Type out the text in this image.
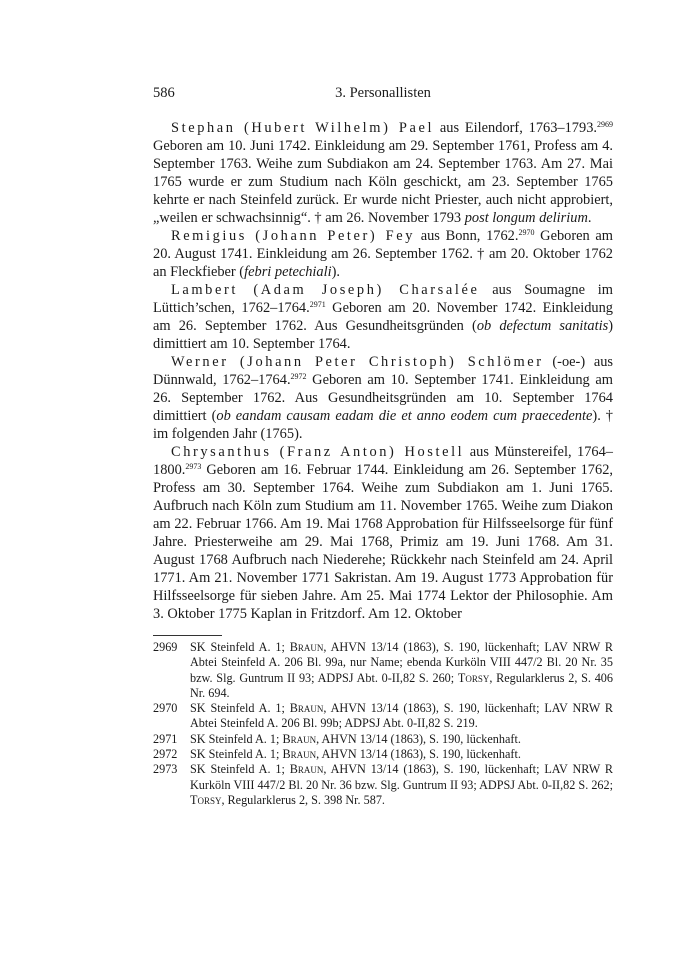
586	3. Personallisten

Stephan (Hubert Wilhelm) Pael aus Eilendorf, 1763–1793.$^{2969}$ Geboren am 10. Juni 1742. Einkleidung am 29. September 1761, Profess am 4. September 1763. Weihe zum Subdiakon am 24. September 1763. Am 27. Mai 1765 wurde er zum Studium nach Köln geschickt, am 23. September 1765 kehrte er nach Steinfeld zurück. Er wurde nicht Priester, auch nicht approbiert, „weilen er schwachsinnig“. † am 26. November 1793 post longum delirium.

Remigius (Johann Peter) Fey aus Bonn, 1762.$^{2970}$ Geboren am 20. August 1741. Einkleidung am 26. September 1762. † am 20. Oktober 1762 an Fleckfieber (febri petechiali).

Lambert (Adam Joseph) Charsalée aus Soumagne im Lüttich’schen, 1762–1764.$^{2971}$ Geboren am 20. November 1742. Einkleidung am 26. September 1762. Aus Gesundheitsgründen (ob defectum sanitatis) dimittiert am 10. September 1764.

Werner (Johann Peter Christoph) Schlömer (-oe-) aus Dünnwald, 1762–1764.$^{2972}$ Geboren am 10. September 1741. Einkleidung am 26. September 1762. Aus Gesundheitsgründen am 10. September 1764 dimittiert (ob eandam causam eadam die et anno eodem cum praecedente). † im folgenden Jahr (1765).

Chrysanthus (Franz Anton) Hostell aus Münstereifel, 1764–1800.$^{2973}$ Geboren am 16. Februar 1744. Einkleidung am 26. September 1762, Profess am 30. September 1764. Weihe zum Subdiakon am 1. Juni 1765. Aufbruch nach Köln zum Studium am 11. November 1765. Weihe zum Diakon am 22. Februar 1766. Am 19. Mai 1768 Approbation für Hilfsseelsorge für fünf Jahre. Priesterweihe am 29. Mai 1768, Primiz am 19. Juni 1768. Am 31. August 1768 Aufbruch nach Niederehe; Rückkehr nach Steinfeld am 24. April 1771. Am 21. November 1771 Sakristan. Am 19. August 1773 Approbation für Hilfsseelsorge für sieben Jahre. Am 25. Mai 1774 Lektor der Philosophie. Am 3. Oktober 1775 Kaplan in Fritzdorf. Am 12. Oktober

2969	SK Steinfeld A. 1; Braun, AHVN 13/14 (1863), S. 190, lückenhaft; LAV NRW R Abtei Steinfeld A. 206 Bl. 99a, nur Name; ebenda Kurköln VIII 447/2 Bl. 20 Nr. 35 bzw. Slg. Guntrum II 93; ADPSJ Abt. 0-II,82 S. 260; Torsy, Regularklerus 2, S. 406 Nr. 694.

2970	SK Steinfeld A. 1; Braun, AHVN 13/14 (1863), S. 190, lückenhaft; LAV NRW R Abtei Steinfeld A. 206 Bl. 99b; ADPSJ Abt. 0-II,82 S. 219.

2971	SK Steinfeld A. 1; Braun, AHVN 13/14 (1863), S. 190, lückenhaft.

2972	SK Steinfeld A. 1; Braun, AHVN 13/14 (1863), S. 190, lückenhaft.

2973	SK Steinfeld A. 1; Braun, AHVN 13/14 (1863), S. 190, lückenhaft; LAV NRW R Kurköln VIII 447/2 Bl. 20 Nr. 36 bzw. Slg. Guntrum II 93; ADPSJ Abt. 0-II,82 S. 262; Torsy, Regularklerus 2, S. 398 Nr. 587.
